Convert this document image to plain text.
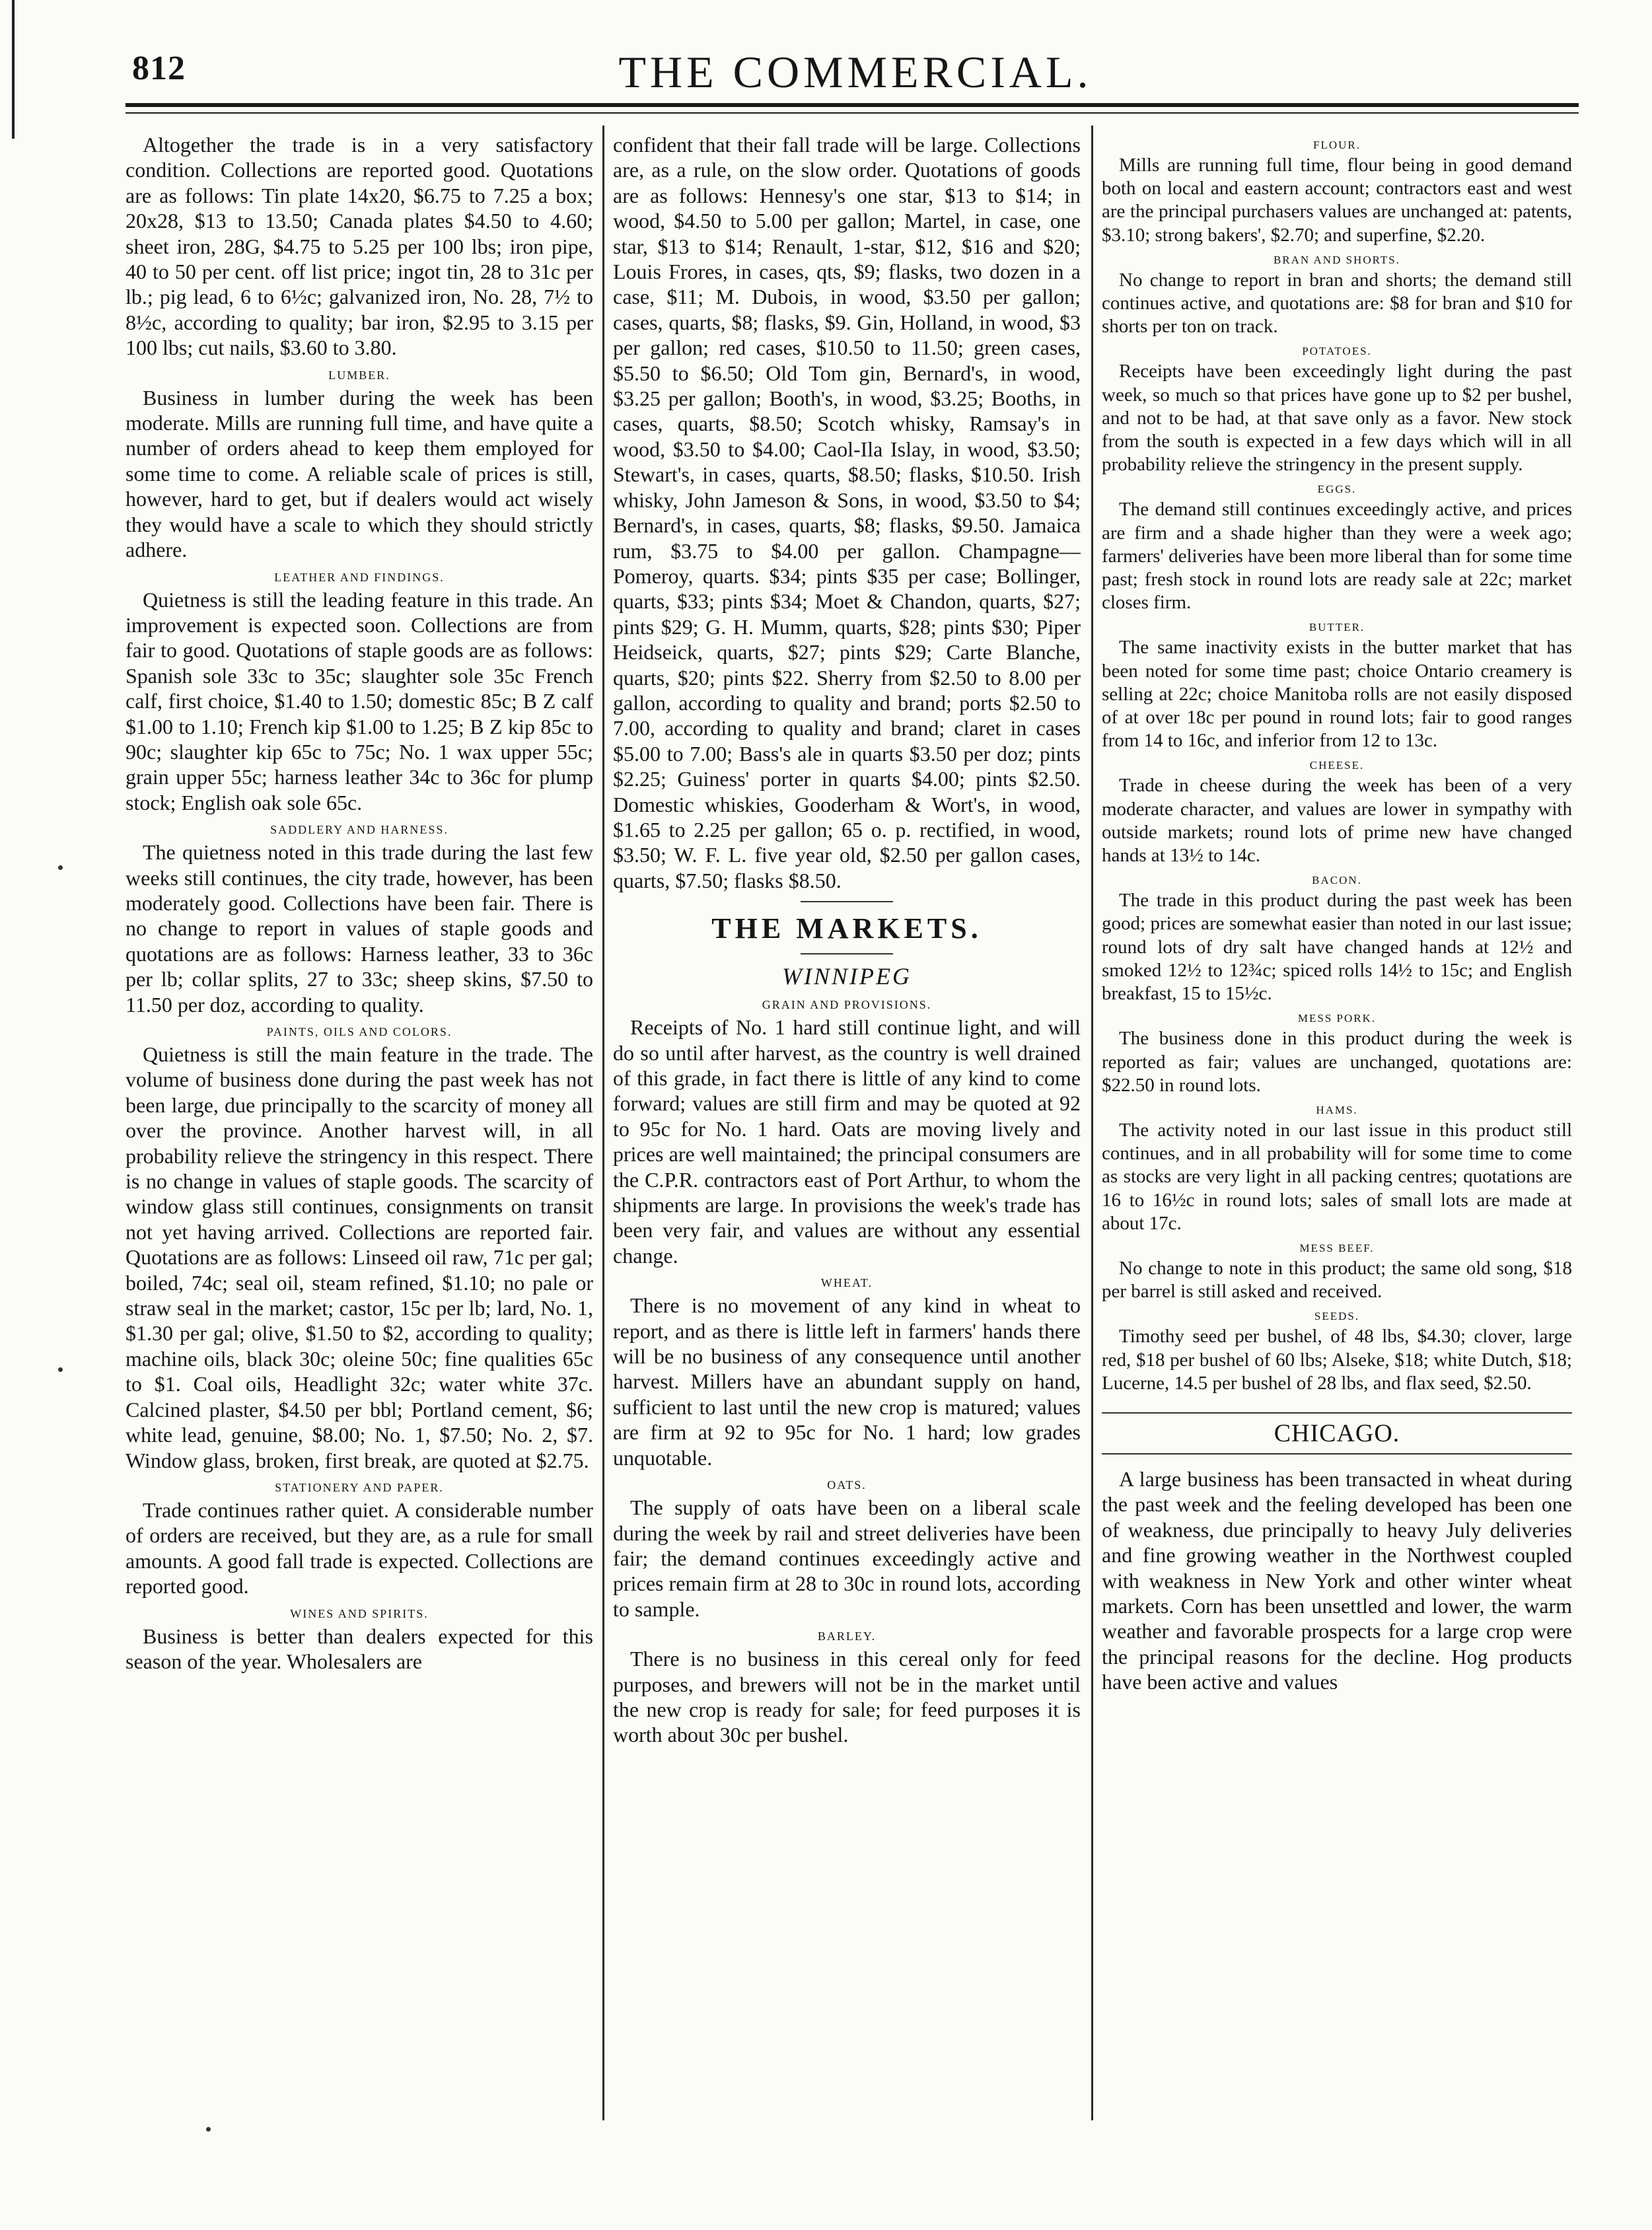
812	THE COMMERCIAL.

Altogether the trade is in a very satisfactory condition. Collections are reported good. Quotations are as follows: Tin plate 14x20, $6.75 to 7.25 a box; 20x28, $13 to 13.50; Canada plates $4.50 to 4.60; sheet iron, 28G, $4.75 to 5.25 per 100 lbs; iron pipe, 40 to 50 per cent. off list price; ingot tin, 28 to 31c per lb.; pig lead, 6 to 6½c; galvanized iron, No. 28, 7½ to 8½c, according to quality; bar iron, $2.95 to 3.15 per 100 lbs; cut nails, $3.60 to 3.80.

LUMBER.

Business in lumber during the week has been moderate. Mills are running full time, and have quite a number of orders ahead to keep them employed for some time to come. A reliable scale of prices is still, however, hard to get, but if dealers would act wisely they would have a scale to which they should strictly adhere.

LEATHER AND FINDINGS.

Quietness is still the leading feature in this trade. An improvement is expected soon. Collections are from fair to good. Quotations of staple goods are as follows: Spanish sole 33c to 35c; slaughter sole 35c French calf, first choice, $1.40 to 1.50; domestic 85c; B Z calf $1.00 to 1.10; French kip $1.00 to 1.25; B Z kip 85c to 90c; slaughter kip 65c to 75c; No. 1 wax upper 55c; grain upper 55c; harness leather 34c to 36c for plump stock; English oak sole 65c.

SADDLERY AND HARNESS.

The quietness noted in this trade during the last few weeks still continues, the city trade, however, has been moderately good. Collections have been fair. There is no change to report in values of staple goods and quotations are as follows: Harness leather, 33 to 36c per lb; collar splits, 27 to 33c; sheep skins, $7.50 to 11.50 per doz, according to quality.

PAINTS, OILS AND COLORS.

Quietness is still the main feature in the trade. The volume of business done during the past week has not been large, due principally to the scarcity of money all over the province. Another harvest will, in all probability relieve the stringency in this respect. There is no change in values of staple goods. The scarcity of window glass still continues, consignments on transit not yet having arrived. Collections are reported fair. Quotations are as follows: Linseed oil raw, 71c per gal; boiled, 74c; seal oil, steam refined, $1.10; no pale or straw seal in the market; castor, 15c per lb; lard, No. 1, $1.30 per gal; olive, $1.50 to $2, according to quality; machine oils, black 30c; oleine 50c; fine qualities 65c to $1. Coal oils, Headlight 32c; water white 37c. Calcined plaster, $4.50 per bbl; Portland cement, $6; white lead, genuine, $8.00; No. 1, $7.50; No. 2, $7. Window glass, broken, first break, are quoted at $2.75.

STATIONERY AND PAPER.

Trade continues rather quiet. A considerable number of orders are received, but they are, as a rule for small amounts. A good fall trade is expected. Collections are reported good.

WINES AND SPIRITS.

Business is better than dealers expected for this season of the year. Wholesalers are

confident that their fall trade will be large. Collections are, as a rule, on the slow order. Quotations of goods are as follows: Hennesy's one star, $13 to $14; in wood, $4.50 to 5.00 per gallon; Martel, in case, one star, $13 to $14; Renault, 1-star, $12, $16 and $20; Louis Frores, in cases, qts, $9; flasks, two dozen in a case, $11; M. Dubois, in wood, $3.50 per gallon; cases, quarts, $8; flasks, $9. Gin, Holland, in wood, $3 per gallon; red cases, $10.50 to 11.50; green cases, $5.50 to $6.50; Old Tom gin, Bernard's, in wood, $3.25 per gallon; Booth's, in wood, $3.25; Booths, in cases, quarts, $8.50; Scotch whisky, Ramsay's in wood, $3.50 to $4.00; Caol-Ila Islay, in wood, $3.50; Stewart's, in cases, quarts, $8.50; flasks, $10.50. Irish whisky, John Jameson & Sons, in wood, $3.50 to $4; Bernard's, in cases, quarts, $8; flasks, $9.50. Jamaica rum, $3.75 to $4.00 per gallon. Champagne—Pomeroy, quarts. $34; pints $35 per case; Bollinger, quarts, $33; pints $34; Moet & Chandon, quarts, $27; pints $29; G. H. Mumm, quarts, $28; pints $30; Piper Heidseick, quarts, $27; pints $29; Carte Blanche, quarts, $20; pints $22. Sherry from $2.50 to 8.00 per gallon, according to quality and brand; ports $2.50 to 7.00, according to quality and brand; claret in cases $5.00 to 7.00; Bass's ale in quarts $3.50 per doz; pints $2.25; Guiness' porter in quarts $4.00; pints $2.50. Domestic whiskies, Gooderham & Wort's, in wood, $1.65 to 2.25 per gallon; 65 o. p. rectified, in wood, $3.50; W. F. L. five year old, $2.50 per gallon cases, quarts, $7.50; flasks $8.50.

THE MARKETS.
WINNIPEG
GRAIN AND PROVISIONS.

Receipts of No. 1 hard still continue light, and will do so until after harvest, as the country is well drained of this grade, in fact there is little of any kind to come forward; values are still firm and may be quoted at 92 to 95c for No. 1 hard. Oats are moving lively and prices are well maintained; the principal consumers are the C.P.R. contractors east of Port Arthur, to whom the shipments are large. In provisions the week's trade has been very fair, and values are without any essential change.

WHEAT.

There is no movement of any kind in wheat to report, and as there is little left in farmers' hands there will be no business of any consequence until another harvest. Millers have an abundant supply on hand, sufficient to last until the new crop is matured; values are firm at 92 to 95c for No. 1 hard; low grades unquotable.

OATS.

The supply of oats have been on a liberal scale during the week by rail and street deliveries have been fair; the demand continues exceedingly active and prices remain firm at 28 to 30c in round lots, according to sample.

BARLEY.

There is no business in this cereal only for feed purposes, and brewers will not be in the market until the new crop is ready for sale; for feed purposes it is worth about 30c per bushel.

FLOUR.

Mills are running full time, flour being in good demand both on local and eastern account; contractors east and west are the principal purchasers values are unchanged at: patents, $3.10; strong bakers', $2.70; and superfine, $2.20.

BRAN AND SHORTS.

No change to report in bran and shorts; the demand still continues active, and quotations are: $8 for bran and $10 for shorts per ton on track.

POTATOES.

Receipts have been exceedingly light during the past week, so much so that prices have gone up to $2 per bushel, and not to be had, at that save only as a favor. New stock from the south is expected in a few days which will in all probability relieve the stringency in the present supply.

EGGS.

The demand still continues exceedingly active, and prices are firm and a shade higher than they were a week ago; farmers' deliveries have been more liberal than for some time past; fresh stock in round lots are ready sale at 22c; market closes firm.

BUTTER.

The same inactivity exists in the butter market that has been noted for some time past; choice Ontario creamery is selling at 22c; choice Manitoba rolls are not easily disposed of at over 18c per pound in round lots; fair to good ranges from 14 to 16c, and inferior from 12 to 13c.

CHEESE.

Trade in cheese during the week has been of a very moderate character, and values are lower in sympathy with outside markets; round lots of prime new have changed hands at 13½ to 14c.

BACON.

The trade in this product during the past week has been good; prices are somewhat easier than noted in our last issue; round lots of dry salt have changed hands at 12½ and smoked 12½ to 12¾c; spiced rolls 14½ to 15c; and English breakfast, 15 to 15½c.

MESS PORK.

The business done in this product during the week is reported as fair; values are unchanged, quotations are: $22.50 in round lots.

HAMS.

The activity noted in our last issue in this product still continues, and in all probability will for some time to come as stocks are very light in all packing centres; quotations are 16 to 16½c in round lots; sales of small lots are made at about 17c.

MESS BEEF.

No change to note in this product; the same old song, $18 per barrel is still asked and received.

SEEDS.

Timothy seed per bushel, of 48 lbs, $4.30; clover, large red, $18 per bushel of 60 lbs; Alseke, $18; white Dutch, $18; Lucerne, 14.5 per bushel of 28 lbs, and flax seed, $2.50.

CHICAGO.

A large business has been transacted in wheat during the past week and the feeling developed has been one of weakness, due principally to heavy July deliveries and fine growing weather in the Northwest coupled with weakness in New York and other winter wheat markets. Corn has been unsettled and lower, the warm weather and favorable prospects for a large crop were the principal reasons for the decline. Hog products have been active and values
